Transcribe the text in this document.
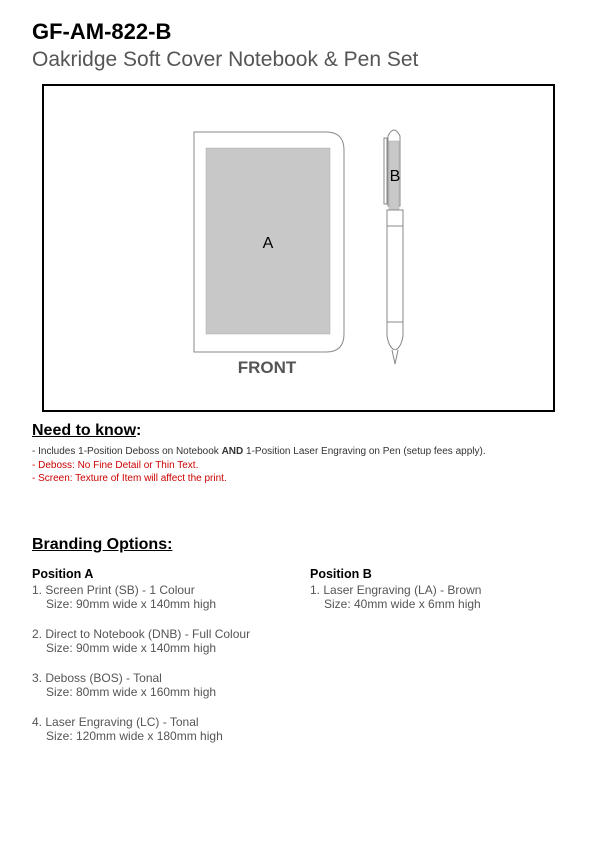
GF-AM-822-B
Oakridge Soft Cover Notebook & Pen Set
A
FRONT
B
Need to know:
- Includes 1-Position Deboss on Notebook AND 1-Position Laser Engraving on Pen (setup fees apply).
- Deboss: No Fine Detail or Thin Text.
- Screen: Texture of Item will affect the print.
Branding Options:
Position A
1. Screen Print (SB) - 1 Colour
Size: 90mm wide x 140mm high
2. Direct to Notebook (DNB) - Full Colour
Size: 90mm wide x 140mm high
3. Deboss (BOS) - Tonal
Size: 80mm wide x 160mm high
4. Laser Engraving (LC) - Tonal
Size: 120mm wide x 180mm high
Position B
1. Laser Engraving (LA) - Brown
Size: 40mm wide x 6mm high
